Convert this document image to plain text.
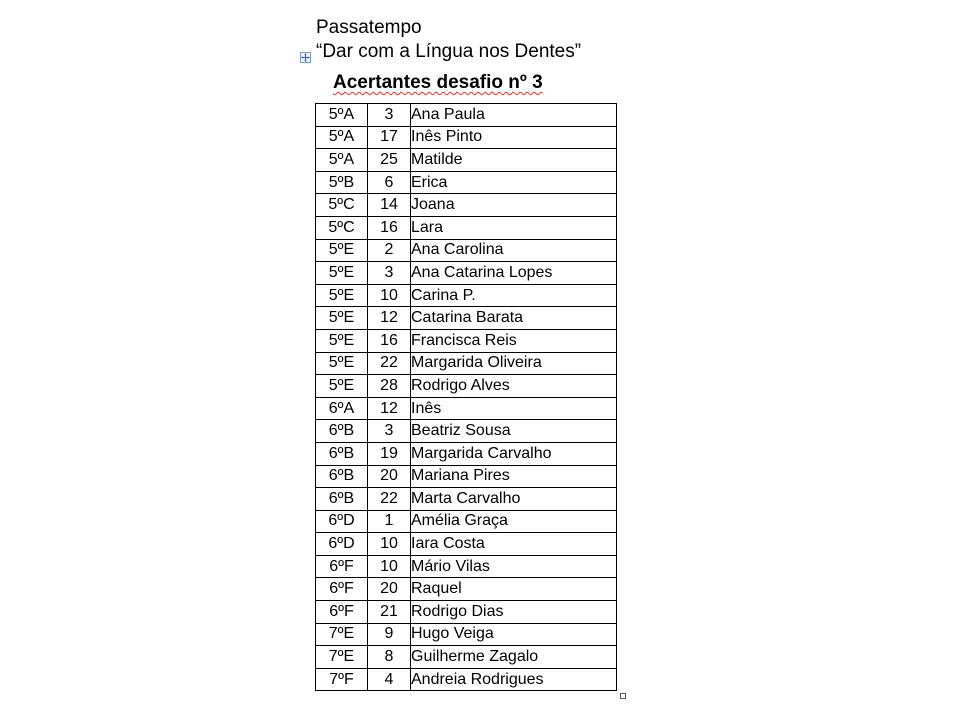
Passatempo
“Dar com a Língua nos Dentes”
Acertantes desafio nº 3
5ºA	3	Ana Paula
5ºA	17	Inês Pinto
5ºA	25	Matilde
5ºB	6	Erica
5ºC	14	Joana
5ºC	16	Lara
5ºE	2	Ana Carolina
5ºE	3	Ana Catarina Lopes
5ºE	10	Carina P.
5ºE	12	Catarina Barata
5ºE	16	Francisca Reis
5ºE	22	Margarida Oliveira
5ºE	28	Rodrigo Alves
6ºA	12	Inês
6ºB	3	Beatriz Sousa
6ºB	19	Margarida Carvalho
6ºB	20	Mariana Pires
6ºB	22	Marta Carvalho
6ºD	1	Amélia Graça
6ºD	10	Iara Costa
6ºF	10	Mário Vilas
6ºF	20	Raquel
6ºF	21	Rodrigo Dias
7ºE	9	Hugo Veiga
7ºE	8	Guilherme Zagalo
7ºF	4	Andreia Rodrigues
